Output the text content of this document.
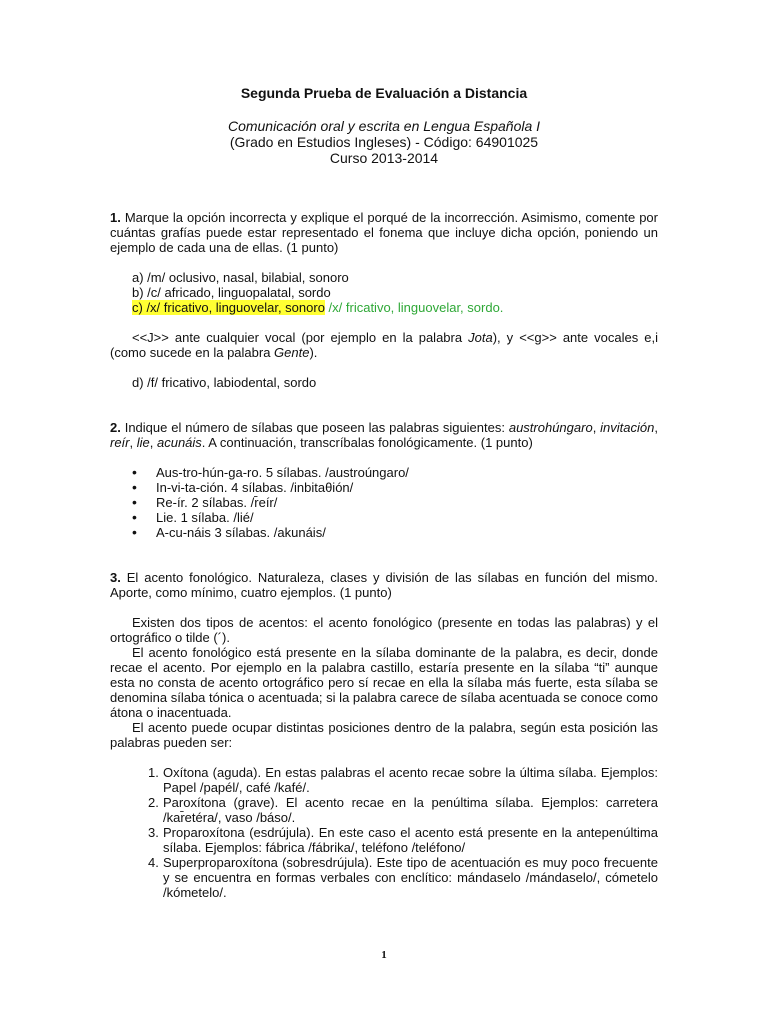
Segunda Prueba de Evaluación a Distancia

Comunicación oral y escrita en Lengua Española I

(Grado en Estudios Ingleses) - Código: 64901025

Curso 2013-2014

1. Marque la opción incorrecta y explique el porqué de la incorrección. Asimismo, comente por cuántas grafías puede estar representado el fonema que incluye dicha opción, poniendo un ejemplo de cada una de ellas. (1 punto)

a) /m/ oclusivo, nasal, bilabial, sonoro
b) /c/ africado, linguopalatal, sordo
c) /x/ fricativo, linguovelar, sonoro /x/ fricativo, linguovelar, sordo.

<<J>> ante cualquier vocal (por ejemplo en la palabra Jota), y <<g>> ante vocales e,i (como sucede en la palabra Gente).

d) /f/ fricativo, labiodental, sordo

2. Indique el número de sílabas que poseen las palabras siguientes: austrohúngaro, invitación, reír, lie, acunáis. A continuación, transcríbalas fonológicamente. (1 punto)

• Aus-tro-hún-ga-ro. 5 sílabas. /austroúngaro/
• In-vi-ta-ción. 4 sílabas. /inbitaθión/
• Re-ír. 2 sílabas. /r̄eír/
• Lie. 1 sílaba. /lié/
• A-cu-náis 3 sílabas. /akunáis/

3. El acento fonológico. Naturaleza, clases y división de las sílabas en función del mismo. Aporte, como mínimo, cuatro ejemplos. (1 punto)

Existen dos tipos de acentos: el acento fonológico (presente en todas las palabras) y el ortográfico o tilde (´).

El acento fonológico está presente en la sílaba dominante de la palabra, es decir, donde recae el acento. Por ejemplo en la palabra castillo, estaría presente en la sílaba “ti” aunque esta no consta de acento ortográfico pero sí recae en ella la sílaba más fuerte, esta sílaba se denomina sílaba tónica o acentuada; si la palabra carece de sílaba acentuada se conoce como átona o inacentuada.

El acento puede ocupar distintas posiciones dentro de la palabra, según esta posición las palabras pueden ser:

1. Oxítona (aguda). En estas palabras el acento recae sobre la última sílaba. Ejemplos: Papel /papél/, café /kafé/.
2. Paroxítona (grave). El acento recae en la penúltima sílaba. Ejemplos: carretera /kar̄etéra/, vaso /báso/.
3. Proparoxítona (esdrújula). En este caso el acento está presente en la antepenúltima sílaba. Ejemplos: fábrica /fábrika/, teléfono /teléfono/
4. Superproparoxítona (sobresdrújula). Este tipo de acentuación es muy poco frecuente y se encuentra en formas verbales con enclítico: mándaselo /mándaselo/, cómetelo /kómetelo/.
1
